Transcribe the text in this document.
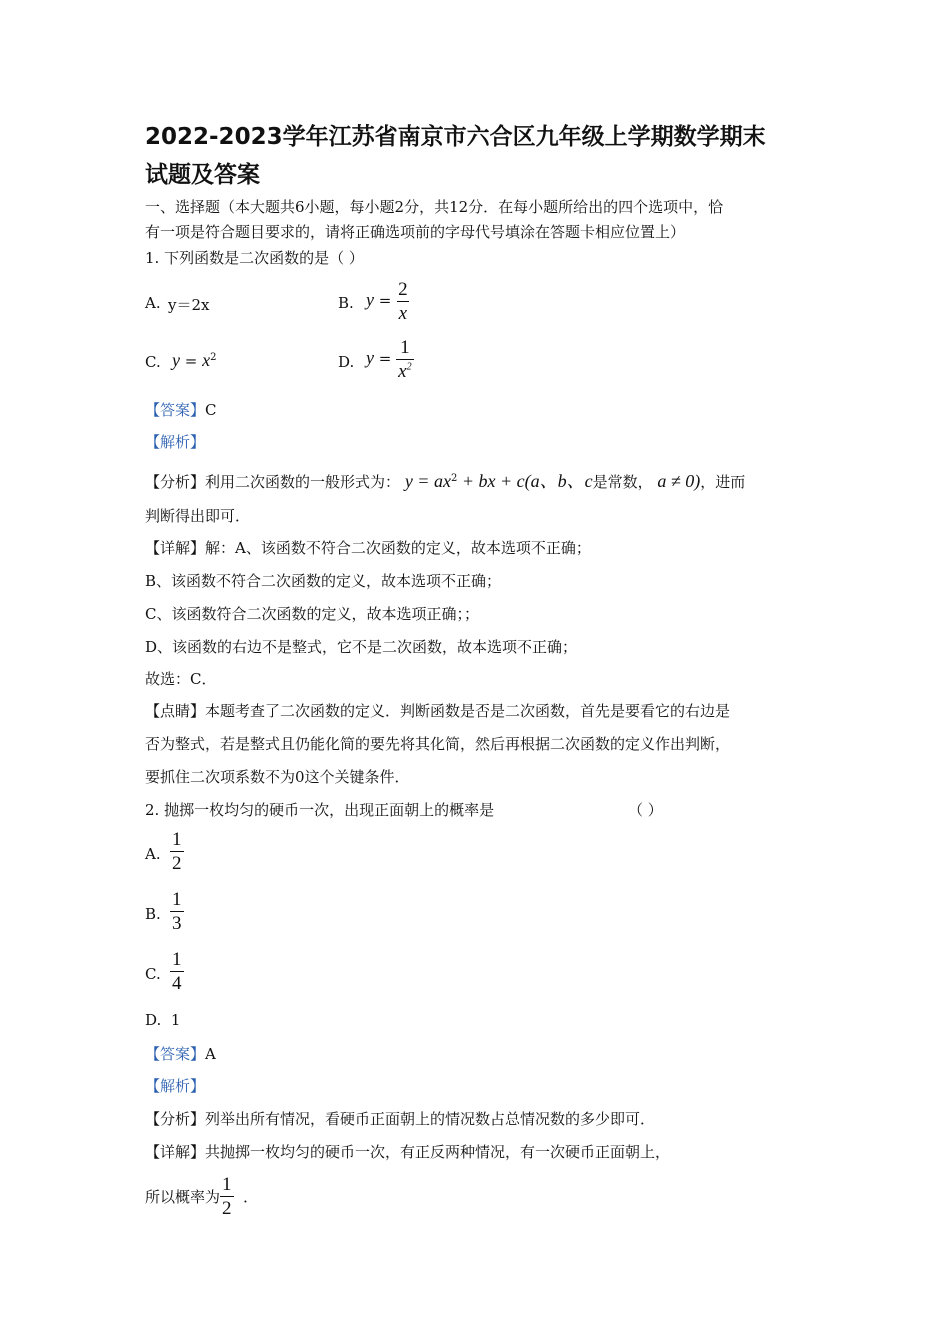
2022-2023学年江苏省南京市六合区九年级上学期数学期末
试题及答案
一、选择题（本大题共6小题，每小题2分，共12分．在每小题所给出的四个选项中，恰
有一项是符合题目要求的，请将正确选项前的字母代号填涂在答题卡相应位置上）
1. 下列函数是二次函数的是（ ）
A. y＝2x	B. $y = \frac{2}{x}$
C. $y = x^2$	D. $y = \frac{1}{x^2}$
【答案】C
【解析】
【分析】利用二次函数的一般形式为： $y = ax^2$ + bx + c(a、b、c是常数， a ≠ 0)，进而
判断得出即可．
【详解】解：A、该函数不符合二次函数的定义，故本选项不正确；
B、该函数不符合二次函数的定义，故本选项不正确；
C、该函数符合二次函数的定义，故本选项正确；；
D、该函数的右边不是整式，它不是二次函数，故本选项不正确；
故选：C．
【点睛】本题考查了二次函数的定义．判断函数是否是二次函数，首先是要看它的右边是
否为整式，若是整式且仍能化简的要先将其化简，然后再根据二次函数的定义作出判断，
要抓住二次项系数不为0这个关键条件．
2. 抛掷一枚均匀的硬币一次，出现正面朝上的概率是	（ ）
A. $\frac{1}{2}$
B. $\frac{1}{3}$
C. $\frac{1}{4}$
D. 1
【答案】A
【解析】
【分析】列举出所有情况，看硬币正面朝上的情况数占总情况数的多少即可．
【详解】共抛掷一枚均匀的硬币一次，有正反两种情况，有一次硬币正面朝上，
所以概率为 $\frac{1}{2}$ ．
